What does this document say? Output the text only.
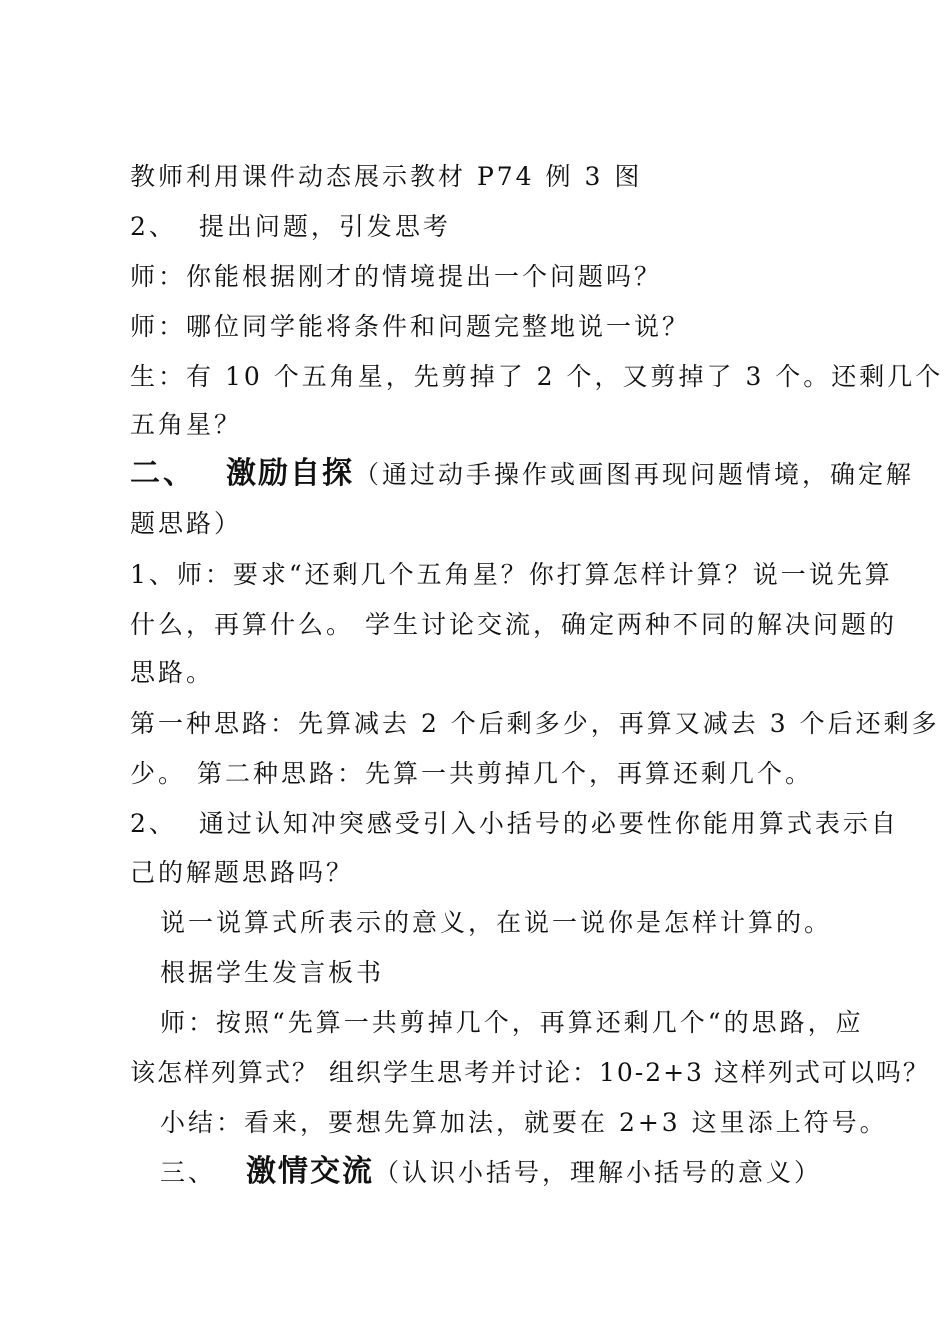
教师利用课件动态展示教材 P74 例 3 图
2、 提出问题，引发思考
师：你能根据刚才的情境提出一个问题吗？
师：哪位同学能将条件和问题完整地说一说？
生：有 10 个五角星，先剪掉了 2 个，又剪掉了 3 个。还剩几个
五角星？
二、 激励自探（通过动手操作或画图再现问题情境，确定解
题思路）
1、师：要求“还剩几个五角星？你打算怎样计算？说一说先算
什么，再算什么。 学生讨论交流，确定两种不同的解决问题的
思路。
第一种思路：先算减去 2 个后剩多少，再算又减去 3 个后还剩多
少。 第二种思路：先算一共剪掉几个，再算还剩几个。
2、 通过认知冲突感受引入小括号的必要性你能用算式表示自
己的解题思路吗？
说一说算式所表示的意义，在说一说你是怎样计算的。
根据学生发言板书
师：按照“先算一共剪掉几个，再算还剩几个“的思路，应
该怎样列算式？ 组织学生思考并讨论：10-2+3 这样列式可以吗？
小结：看来，要想先算加法，就要在 2+3 这里添上符号。
三、 激情交流（认识小括号，理解小括号的意义）
